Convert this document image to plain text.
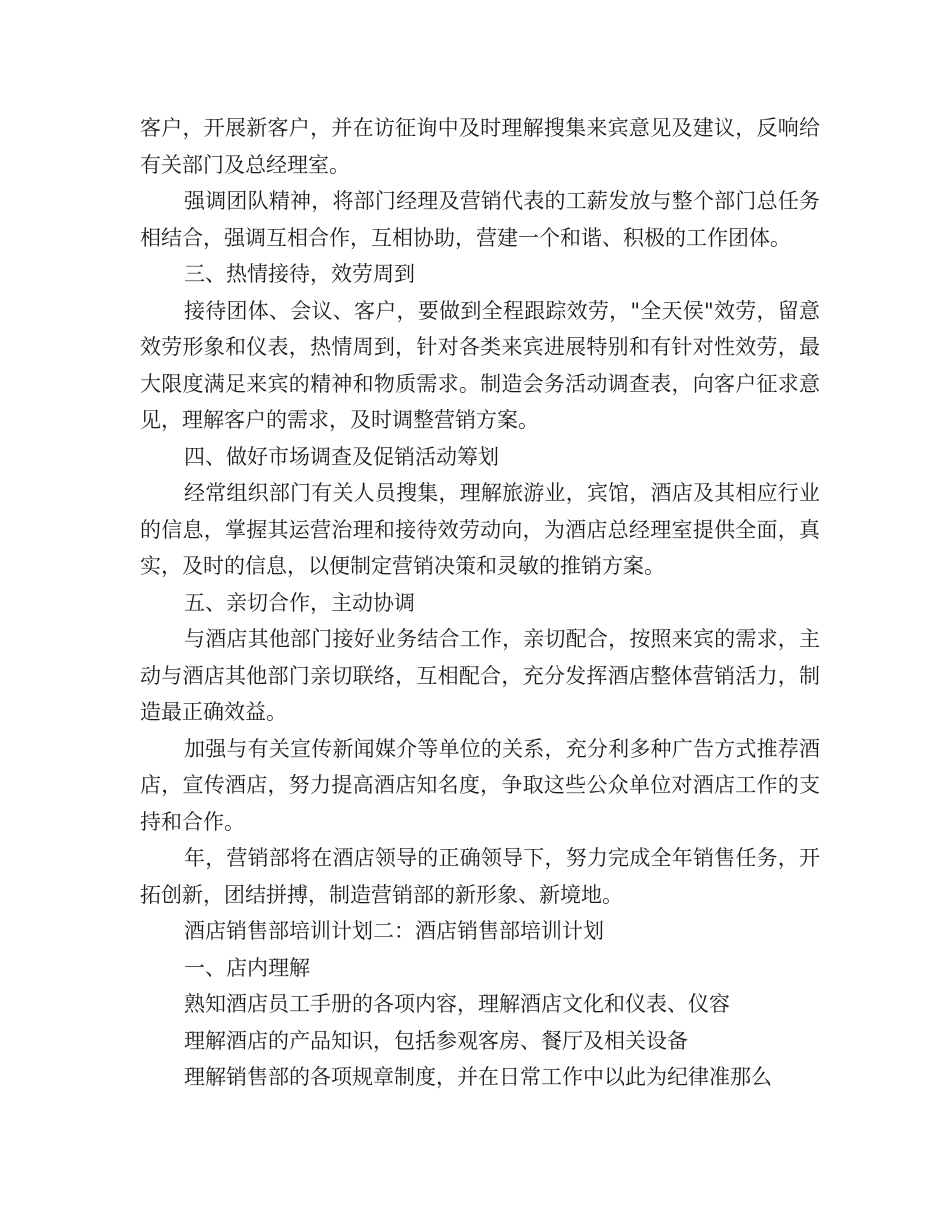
客户，开展新客户，并在访征询中及时理解搜集来宾意见及建议，反响给有关部门及总经理室。

强调团队精神，将部门经理及营销代表的工薪发放与整个部门总任务相结合，强调互相合作，互相协助，营建一个和谐、积极的工作团体。

三、热情接待，效劳周到

接待团体、会议、客户，要做到全程跟踪效劳，"全天侯"效劳，留意效劳形象和仪表，热情周到，针对各类来宾进展特别和有针对性效劳，最大限度满足来宾的精神和物质需求。制造会务活动调查表，向客户征求意见，理解客户的需求，及时调整营销方案。

四、做好市场调查及促销活动筹划

经常组织部门有关人员搜集，理解旅游业，宾馆，酒店及其相应行业的信息，掌握其运营治理和接待效劳动向，为酒店总经理室提供全面，真实，及时的信息，以便制定营销决策和灵敏的推销方案。

五、亲切合作，主动协调

与酒店其他部门接好业务结合工作，亲切配合，按照来宾的需求，主动与酒店其他部门亲切联络，互相配合，充分发挥酒店整体营销活力，制造最正确效益。

加强与有关宣传新闻媒介等单位的关系，充分利多种广告方式推荐酒店，宣传酒店，努力提高酒店知名度，争取这些公众单位对酒店工作的支持和合作。

年，营销部将在酒店领导的正确领导下，努力完成全年销售任务，开拓创新，团结拼搏，制造营销部的新形象、新境地。

酒店销售部培训计划二：酒店销售部培训计划

一、店内理解

熟知酒店员工手册的各项内容，理解酒店文化和仪表、仪容

理解酒店的产品知识，包括参观客房、餐厅及相关设备

理解销售部的各项规章制度，并在日常工作中以此为纪律准那么
